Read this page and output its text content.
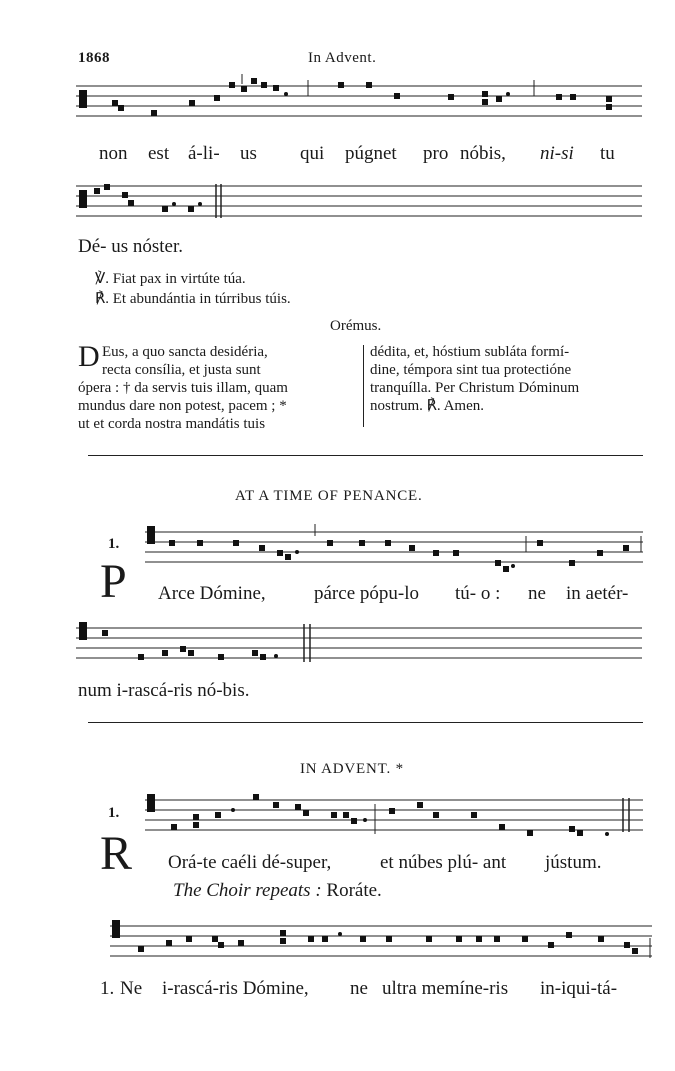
1868	In Advent.
non est á-li- us qui púgnet pro nóbis, ni-si tu
Dé- us nóster.
℣. Fiat pax in virtúte túa.
℟. Et abundántia in túrribus túis.
Orémus.
D Eus, a quo sancta desidéria,
recta consília, et justa sunt
ópera : † da servis tuis illam, quam
mundus dare non potest, pacem ; *
ut et corda nostra mandátis tuis
dédita, et, hóstium subláta formí-
dine, témpora sint tua protectióne
tranquílla. Per Christum Dóminum
nostrum. ℟. Amen.
AT A TIME OF PENANCE.
1.
P Arce Dómine,	párce pópu-lo tú- o : ne in aetér-
num i-rascá-ris nó-bis.
IN ADVENT. *
1.
R Orá-te caéli dé-super,	et núbes plú- ant jústum.
The Choir repeats : Roráte.
1. Ne i-rascá-ris Dómine, ne ultra memíne-ris in-iqui-tá-
